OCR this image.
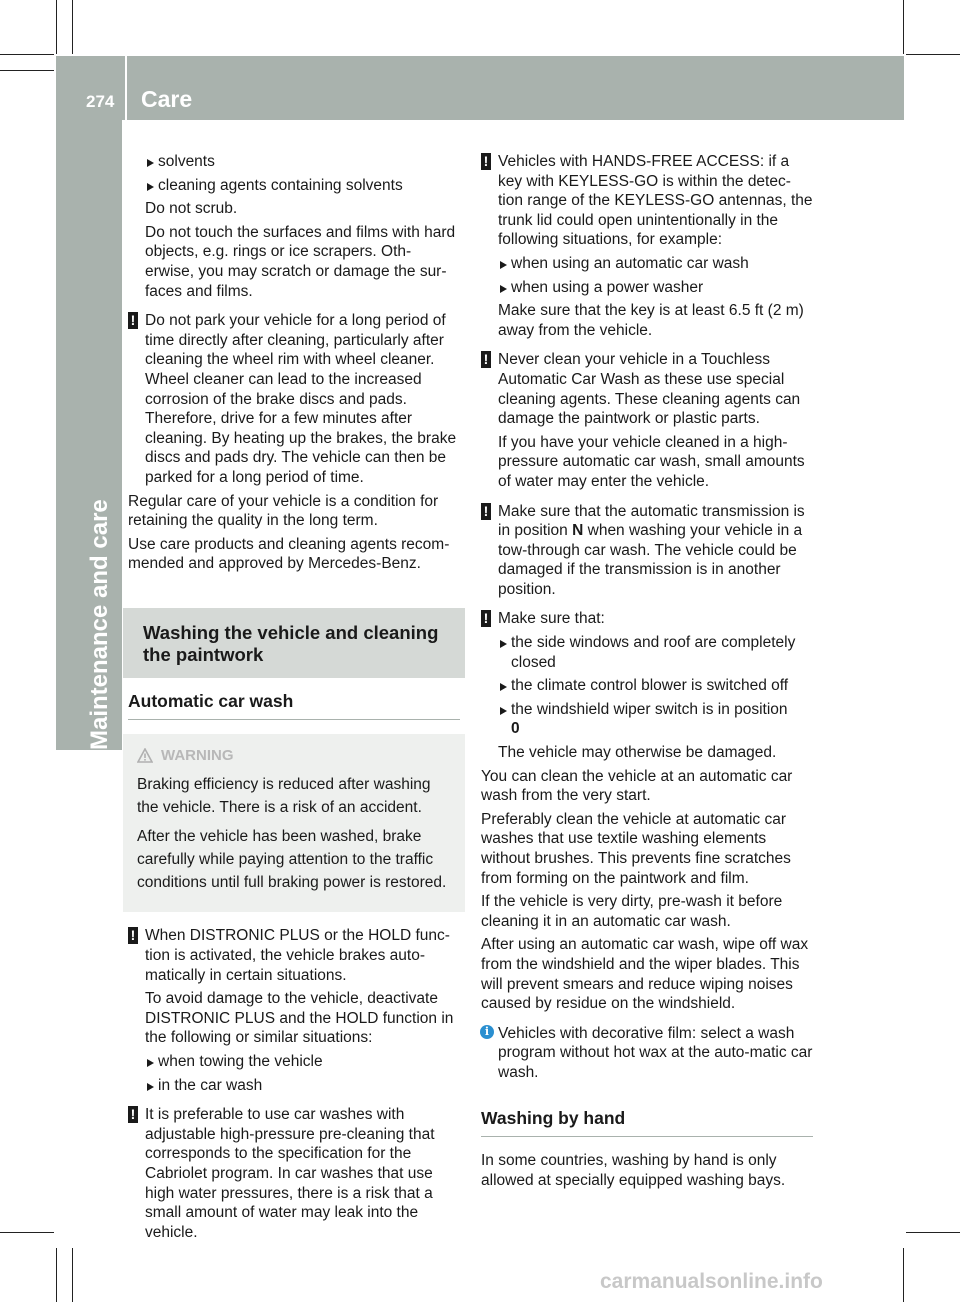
274 Care
solvents
cleaning agents containing solvents

Do not scrub.

Do not touch the surfaces and films with hard objects, e.g. rings or ice scrapers. Oth-erwise, you may scratch or damage the sur-faces and films.

! Do not park your vehicle for a long period of time directly after cleaning, particularly after cleaning the wheel rim with wheel cleaner. Wheel cleaner can lead to the increased corrosion of the brake discs and pads. Therefore, drive for a few minutes after cleaning. By heating up the brakes, the brake discs and pads dry. The vehicle can then be parked for a long period of time.

Regular care of your vehicle is a condition for retaining the quality in the long term.

Use care products and cleaning agents recom-mended and approved by Mercedes-Benz.

Washing the vehicle and cleaning the paintwork
Automatic car wash
WARNING

Braking efficiency is reduced after washing the vehicle. There is a risk of an accident.

After the vehicle has been washed, brake carefully while paying attention to the traffic conditions until full braking power is restored.

! When DISTRONIC PLUS or the HOLD func-tion is activated, the vehicle brakes auto-matically in certain situations.
To avoid damage to the vehicle, deactivate DISTRONIC PLUS and the HOLD function in the following or similar situations:
when towing the vehicle
in the car wash
! It is preferable to use car washes with adjustable high-pressure pre-cleaning that corresponds to the specification for the Cabriolet program. In car washes that use high water pressures, there is a risk that a small amount of water may leak into the vehicle.
! Vehicles with HANDS-FREE ACCESS: if a key with KEYLESS-GO is within the detec-tion range of the KEYLESS-GO antennas, the trunk lid could open unintentionally in the following situations, for example:
when using an automatic car wash
when using a power washer
Make sure that the key is at least 6.5 ft (2 m) away from the vehicle.
! Never clean your vehicle in a Touchless Automatic Car Wash as these use special cleaning agents. These cleaning agents can damage the paintwork or plastic parts.
If you have your vehicle cleaned in a high-pressure automatic car wash, small amounts of water may enter the vehicle.
! Make sure that the automatic transmission is in position N when washing your vehicle in a tow-through car wash. The vehicle could be damaged if the transmission is in another position.
! Make sure that:
the side windows and roof are completely closed
the climate control blower is switched off
the windshield wiper switch is in position
0
The vehicle may otherwise be damaged.

You can clean the vehicle at an automatic car wash from the very start.

Preferably clean the vehicle at automatic car washes that use textile washing elements without brushes. This prevents fine scratches from forming on the paintwork and film.

If the vehicle is very dirty, pre-wash it before cleaning it in an automatic car wash.

After using an automatic car wash, wipe off wax from the windshield and the wiper blades. This will prevent smears and reduce wiping noises caused by residue on the windshield.

i Vehicles with decorative film: select a wash program without hot wax at the auto-matic car wash.
Washing by hand

In some countries, washing by hand is only allowed at specially equipped washing bays.

carmanualsonline.info
